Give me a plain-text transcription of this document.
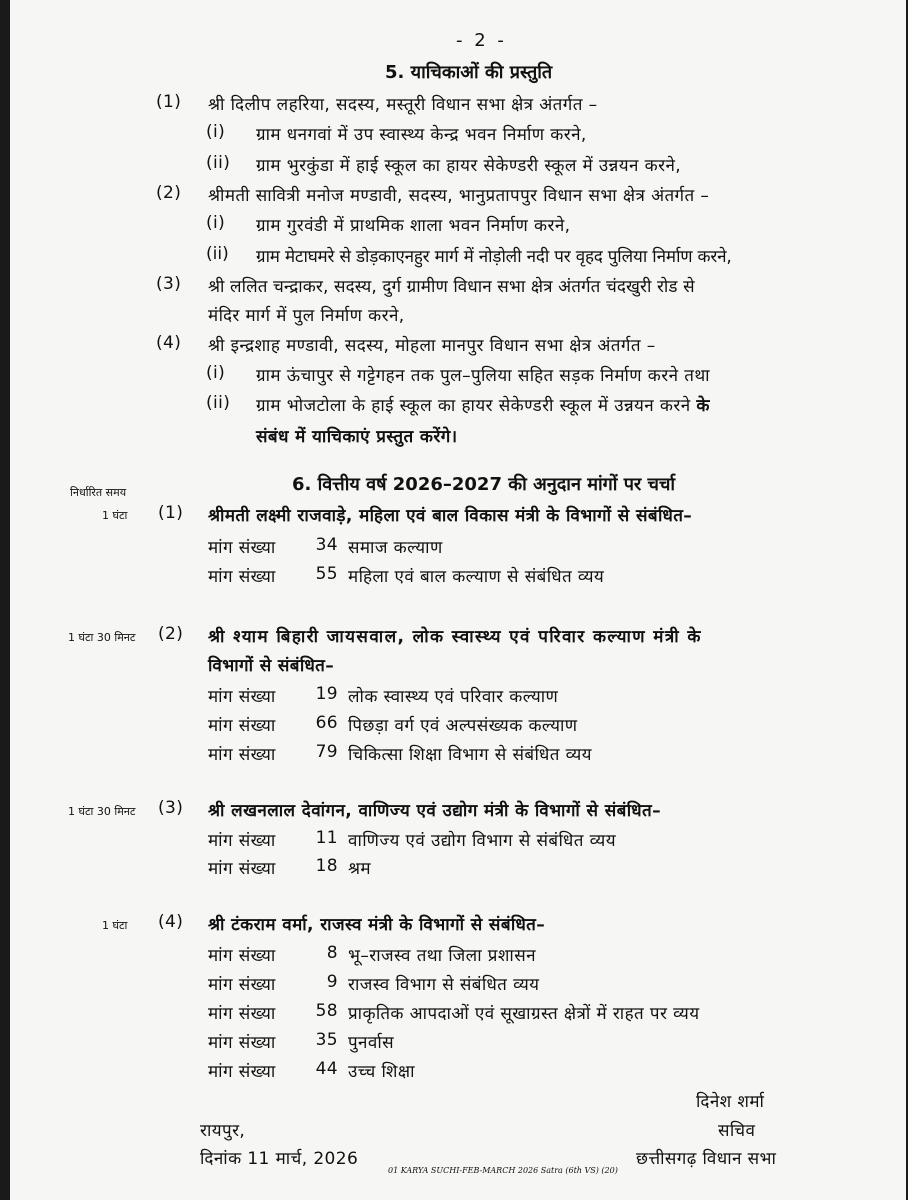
- 2 -
5. याचिकाओं की प्रस्तुति
(1) श्री दिलीप लहरिया, सदस्य, मस्तूरी विधान सभा क्षेत्र अंतर्गत –
(i) ग्राम धनगवां में उप स्वास्थ्य केन्द्र भवन निर्माण करने,
(ii) ग्राम भुरकुंडा में हाई स्कूल का हायर सेकेण्डरी स्कूल में उन्नयन करने,
(2) श्रीमती सावित्री मनोज मण्डावी, सदस्य, भानुप्रतापपुर विधान सभा क्षेत्र अंतर्गत –
(i) ग्राम गुरवंडी में प्राथमिक शाला भवन निर्माण करने,
(ii) ग्राम मेटाघमरे से डोड़काएनहुर मार्ग में नोड़ोली नदी पर वृहद पुलिया निर्माण करने,
(3) श्री ललित चन्द्राकर, सदस्य, दुर्ग ग्रामीण विधान सभा क्षेत्र अंतर्गत चंदखुरी रोड से
मंदिर मार्ग में पुल निर्माण करने,
(4) श्री इन्द्रशाह मण्डावी, सदस्य, मोहला मानपुर विधान सभा क्षेत्र अंतर्गत –
(i) ग्राम ऊंचापुर से गट्टेगहन तक पुल–पुलिया सहित सड़क निर्माण करने तथा
(ii) ग्राम भोजटोला के हाई स्कूल का हायर सेकेण्डरी स्कूल में उन्नयन करने के
संबंध में याचिकाएं प्रस्तुत करेंगे।
निर्धारित समय	6. वित्तीय वर्ष 2026–2027 की अनुदान मांगों पर चर्चा
1 घंटा (1) श्रीमती लक्ष्मी राजवाड़े, महिला एवं बाल विकास मंत्री के विभागों से संबंधित–
मांग संख्या	34 समाज कल्याण
मांग संख्या	55 महिला एवं बाल कल्याण से संबंधित व्यय
1 घंटा 30 मिनट (2) श्री श्याम बिहारी जायसवाल, लोक स्वास्थ्य एवं परिवार कल्याण मंत्री के
विभागों से संबंधित–
मांग संख्या	19 लोक स्वास्थ्य एवं परिवार कल्याण
मांग संख्या	66 पिछड़ा वर्ग एवं अल्पसंख्यक कल्याण
मांग संख्या	79 चिकित्सा शिक्षा विभाग से संबंधित व्यय
1 घंटा 30 मिनट (3) श्री लखनलाल देवांगन, वाणिज्य एवं उद्योग मंत्री के विभागों से संबंधित–
मांग संख्या	11 वाणिज्य एवं उद्योग विभाग से संबंधित व्यय
मांग संख्या	18 श्रम
1 घंटा (4) श्री टंकराम वर्मा, राजस्व मंत्री के विभागों से संबंधित–
मांग संख्या	8 भू–राजस्व तथा जिला प्रशासन
मांग संख्या	9 राजस्व विभाग से संबंधित व्यय
मांग संख्या	58 प्राकृतिक आपदाओं एवं सूखाग्रस्त क्षेत्रों में राहत पर व्यय
मांग संख्या	35 पुनर्वास
मांग संख्या	44 उच्च शिक्षा
दिनेश शर्मा
सचिव
छत्तीसगढ़ विधान सभा
रायपुर,
दिनांक 11 मार्च, 2026
01 KARYA SUCHI-FEB-MARCH 2026 Satra (6th VS) (20)
